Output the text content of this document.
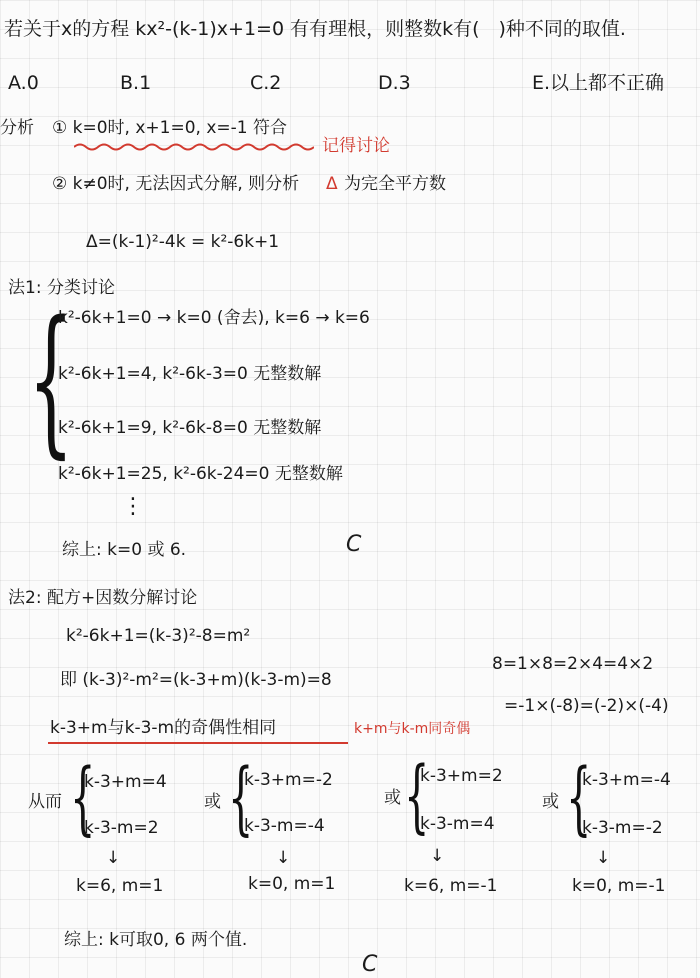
若关于x的方程 kx²-(k-1)x+1=0 有有理根，则整数k有(　)种不同的取值.
A.0	B.1	C.2	D.3	E.以上都不正确
分析 ① k=0时, x+1=0, x=-1 符合
记得讨论
② k≠0时, 无法因式分解, 则分析 Δ 为完全平方数
Δ=(k-1)²-4k = k²-6k+1
法1: 分类讨论
{
k²-6k+1=0 → k=0 (舍去), k=6 → k=6
k²-6k+1=4, k²-6k-3=0 无整数解
k²-6k+1=9, k²-6k-8=0 无整数解
k²-6k+1=25, k²-6k-24=0 无整数解
⋮
综上: k=0 或 6.	C
法2: 配方+因数分解讨论
k²-6k+1=(k-3)²-8=m²
即 (k-3)²-m²=(k-3+m)(k-3-m)=8
k-3+m与k-3-m的奇偶性相同	k+m与k-m同奇偶
8=1×8=2×4=4×2
=-1×(-8)=(-2)×(-4)
从而 {
k-3+m=4
k-3-m=2
↓
k=6, m=1
或 {
k-3+m=-2
k-3-m=-4
↓
k=0, m=1
或 {
k-3+m=2
k-3-m=4
↓
k=6, m=-1
或 {
k-3+m=-4
k-3-m=-2
↓
k=0, m=-1
综上: k可取0, 6 两个值.
C
